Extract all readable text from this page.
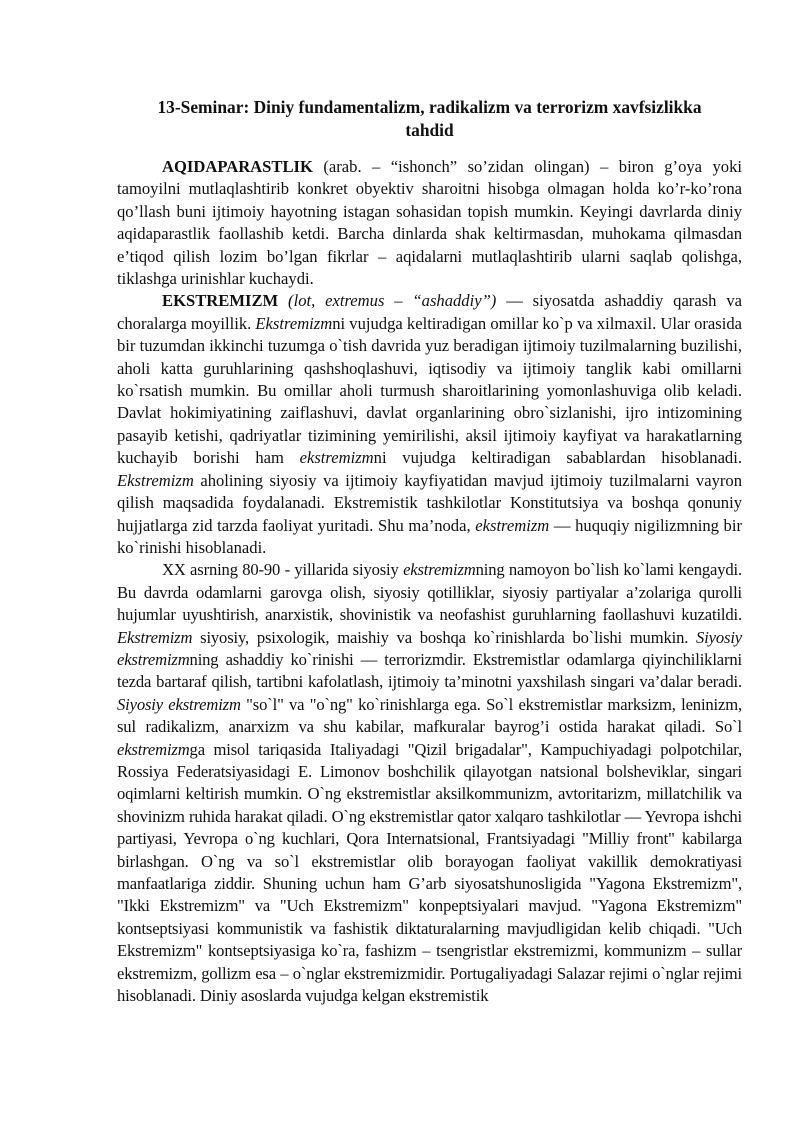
13-Seminar: Diniy fundamentalizm, radikalizm va terrorizm xavfsizlikka
tahdid

AQIDAPARASTLIK (arab. – “ishonch” so’zidan olingan) – biron g’oya yoki tamoyilni mutlaqlashtirib konkret obyektiv sharoitni hisobga olmagan holda ko’r-ko’rona qo’llash buni ijtimoiy hayotning istagan sohasidan topish mumkin. Keyingi davrlarda diniy aqidaparastlik faollashib ketdi. Barcha dinlarda shak keltirmasdan, muhokama qilmasdan e’tiqod qilish lozim bo’lgan fikrlar – aqidalarni mutlaqlashtirib ularni saqlab qolishga, tiklashga urinishlar kuchaydi.

EKSTREMIZM (lot, extremus – “ashaddiy”) — siyosatda ashaddiy qarash va choralarga moyillik. Ekstremizmni vujudga keltiradigan omillar ko`p va xilmaxil. Ular orasida bir tuzumdan ikkinchi tuzumga o`tish davrida yuz beradigan ijtimoiy tuzilmalarning buzilishi, aholi katta guruhlarining qashshoqlashuvi, iqtisodiy va ijtimoiy tanglik kabi omillarni ko`rsatish mumkin. Bu omillar aholi turmush sharoitlarining yomonlashuviga olib keladi. Davlat hokimiyatining zaiflashuvi, davlat organlarining obro`sizlanishi, ijro intizomining pasayib ketishi, qadriyatlar tizimining yemirilishi, aksil ijtimoiy kayfiyat va harakatlarning kuchayib borishi ham ekstremizmni vujudga keltiradigan sabablardan hisoblanadi. Ekstremizm aholining siyosiy va ijtimoiy kayfiyatidan mavjud ijtimoiy tuzilmalarni vayron qilish maqsadida foydalanadi. Ekstremistik tashkilotlar Konstitutsiya va boshqa qonuniy hujjatlarga zid tarzda faoliyat yuritadi. Shu ma’noda, ekstremizm — huquqiy nigilizmning bir ko`rinishi hisoblanadi.

XX asrning 80-90 - yillarida siyosiy ekstremizmning namoyon bo`lish ko`lami kengaydi. Bu davrda odamlarni garovga olish, siyosiy qotilliklar, siyosiy partiyalar a’zolariga qurolli hujumlar uyushtirish, anarxistik, shovinistik va neofashist guruhlarning faollashuvi kuzatildi. Ekstremizm siyosiy, psixologik, maishiy va boshqa ko`rinishlarda bo`lishi mumkin. Siyosiy ekstremizmning ashaddiy ko`rinishi — terrorizmdir. Ekstremistlar odamlarga qiyinchiliklarni tezda bartaraf qilish, tartibni kafolatlash, ijtimoiy ta’minotni yaxshilash singari va’dalar beradi. Siyosiy ekstremizm "so`l" va "o`ng" ko`rinishlarga ega. So`l ekstremistlar marksizm, leninizm, sul radikalizm, anarxizm va shu kabilar, mafkuralar bayrog’i ostida harakat qiladi. So`l ekstremizmga misol tariqasida Italiyadagi "Qizil brigadalar", Kampuchiyadagi polpotchilar, Rossiya Federatsiyasidagi E. Limonov boshchilik qilayotgan natsional bolsheviklar, singari oqimlarni keltirish mumkin. O`ng ekstremistlar aksilkommunizm, avtoritarizm, millatchilik va shovinizm ruhida harakat qiladi. O`ng ekstremistlar qator xalqaro tashkilotlar — Yevropa ishchi partiyasi, Yevropa o`ng kuchlari, Qora Internatsional, Frantsiyadagi "Milliy front" kabilarga birlashgan. O`ng va so`l ekstremistlar olib borayogan faoliyat vakillik demokratiyasi manfaatlariga ziddir. Shuning uchun ham G’arb siyosatshunosligida "Yagona Ekstremizm", "Ikki Ekstremizm" va "Uch Ekstremizm" konpeptsiyalari mavjud. "Yagona Ekstremizm" kontseptsiyasi kommunistik va fashistik diktaturalarning mavjudligidan kelib chiqadi. "Uch Ekstremizm" kontseptsiyasiga ko`ra, fashizm – tsengristlar ekstremizmi, kommunizm – sullar ekstremizm, gollizm esa – o`nglar ekstremizmidir. Portugaliyadagi Salazar rejimi o`nglar rejimi hisoblanadi. Diniy asoslarda vujudga kelgan ekstremistik
